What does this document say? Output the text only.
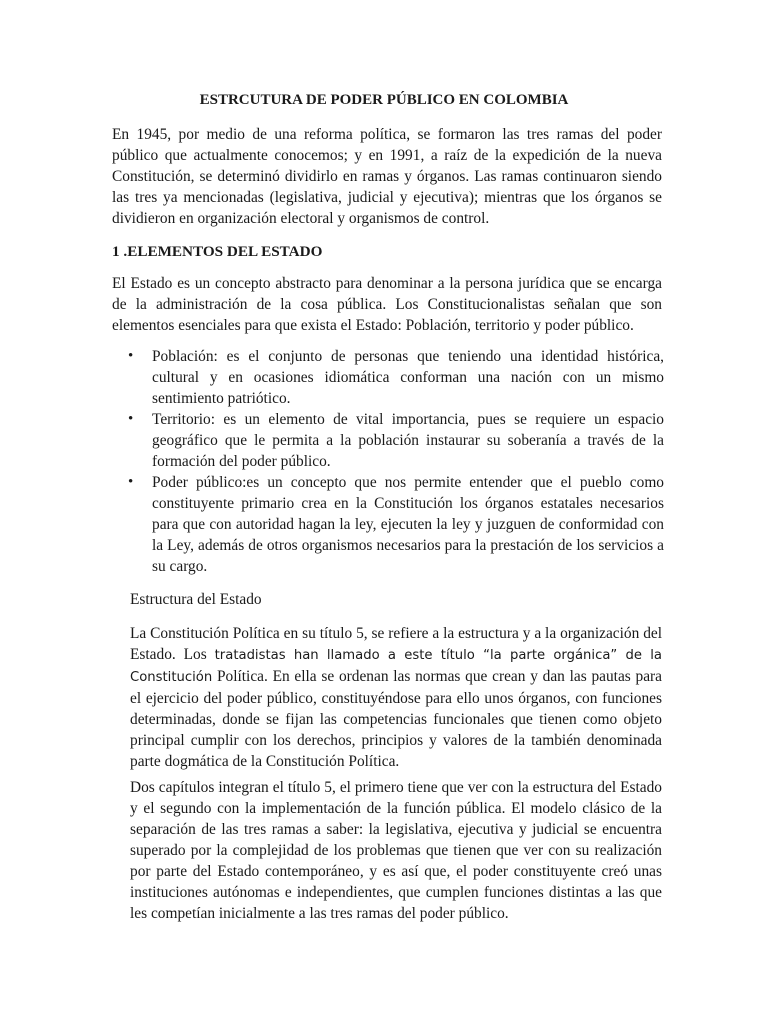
ESTRCUTURA DE PODER PÚBLICO EN COLOMBIA

En 1945, por medio de una reforma política, se formaron las tres ramas del poder público que actualmente conocemos; y en 1991, a raíz de la expedición de la nueva Constitución, se determinó dividirlo en ramas y órganos. Las ramas continuaron siendo las tres ya mencionadas (legislativa, judicial y ejecutiva); mientras que los órganos se dividieron en organización electoral y organismos de control.

1 .ELEMENTOS DEL ESTADO

El Estado es un concepto abstracto para denominar a la persona jurídica que se encarga de la administración de la cosa pública. Los Constitucionalistas señalan que son elementos esenciales para que exista el Estado: Población, territorio y poder público.

• Población: es el conjunto de personas que teniendo una identidad histórica, cultural y en ocasiones idiomática conforman una nación con un mismo sentimiento patriótico.

• Territorio: es un elemento de vital importancia, pues se requiere un espacio geográfico que le permita a la población instaurar su soberanía a través de la formación del poder público.

• Poder público:es un concepto que nos permite entender que el pueblo como constituyente primario crea en la Constitución los órganos estatales necesarios para que con autoridad hagan la ley, ejecuten la ley y juzguen de conformidad con la Ley, además de otros organismos necesarios para la prestación de los servicios a su cargo.

Estructura del Estado

La Constitución Política en su título 5, se refiere a la estructura y a la organización del Estado. Los tratadistas han llamado a este título “la parte orgánica” de la Constitución Política. En ella se ordenan las normas que crean y dan las pautas para el ejercicio del poder público, constituyéndose para ello unos órganos, con funciones determinadas, donde se fijan las competencias funcionales que tienen como objeto principal cumplir con los derechos, principios y valores de la también denominada parte dogmática de la Constitución Política.

Dos capítulos integran el título 5, el primero tiene que ver con la estructura del Estado y el segundo con la implementación de la función pública. El modelo clásico de la separación de las tres ramas a saber: la legislativa, ejecutiva y judicial se encuentra superado por la complejidad de los problemas que tienen que ver con su realización por parte del Estado contemporáneo, y es así que, el poder constituyente creó unas instituciones autónomas e independientes, que cumplen funciones distintas a las que les competían inicialmente a las tres ramas del poder público.
